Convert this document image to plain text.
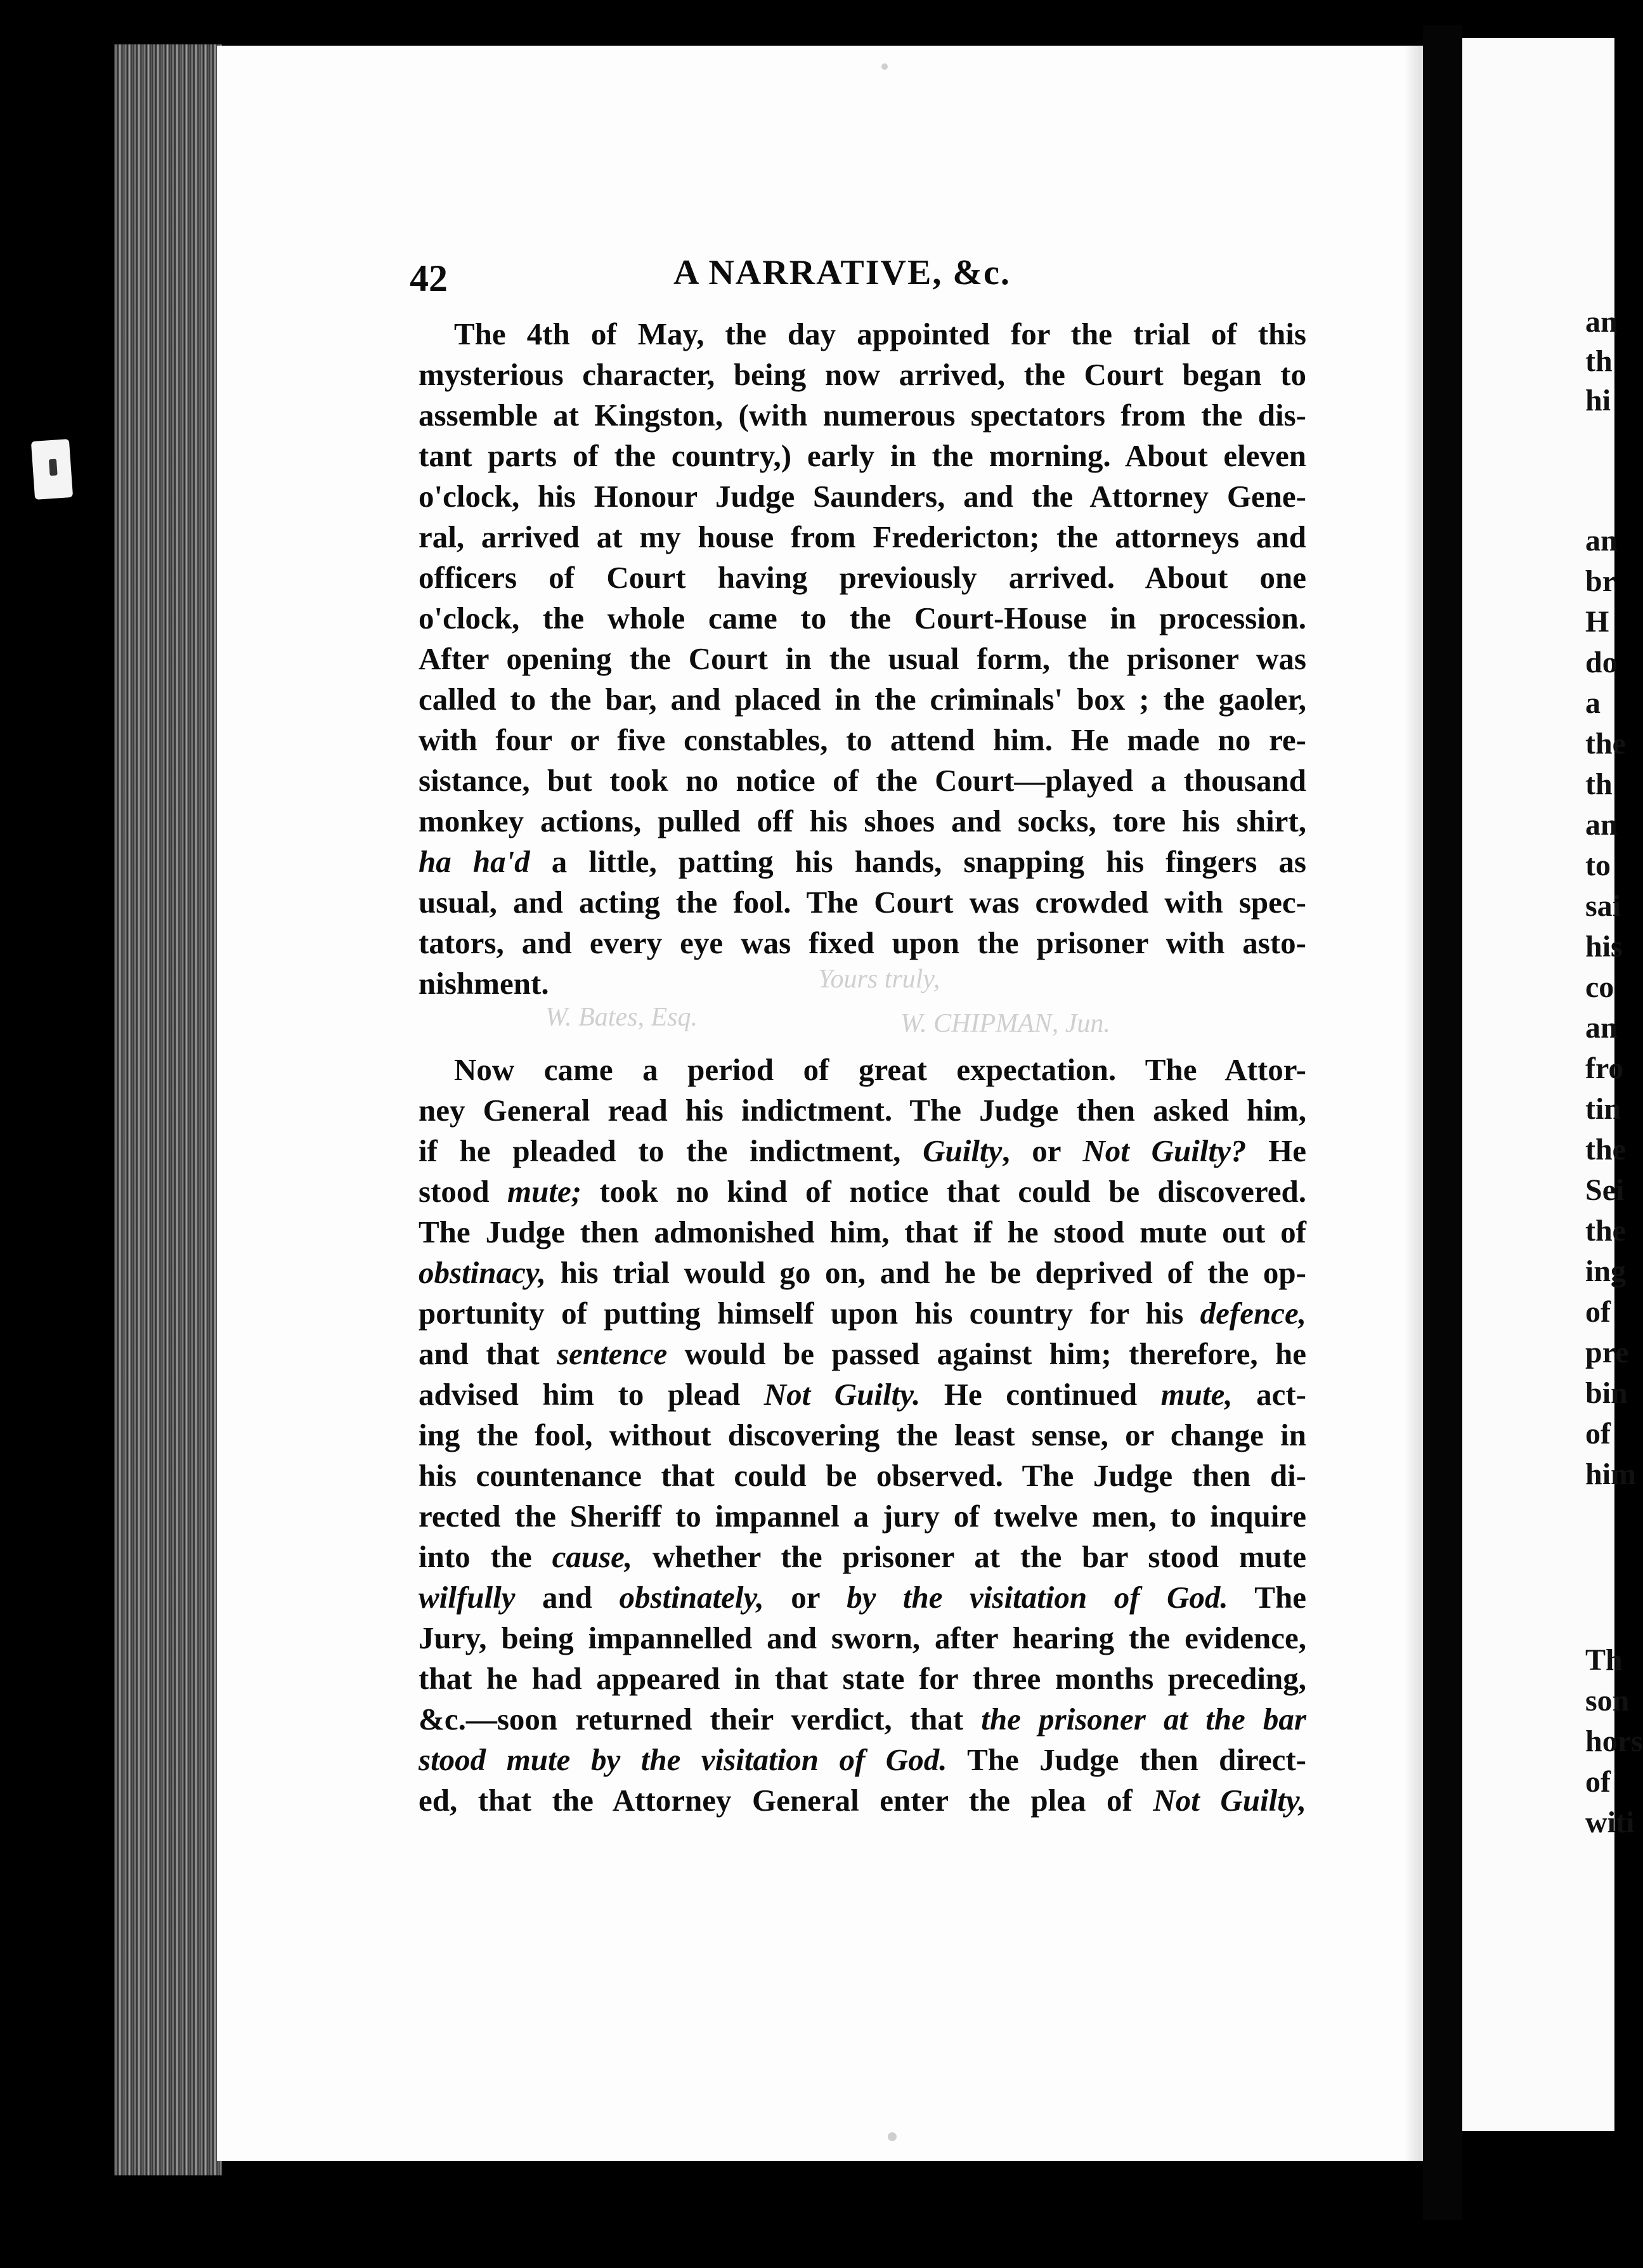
Yours truly,
W. Bates, Esq.	W. CHIPMAN, Jun.
42	A NARRATIVE, &c.
The 4th of May, the day appointed for the trial of this
mysterious character, being now arrived, the Court began to
assemble at Kingston, (with numerous spectators from the dis-
tant parts of the country,) early in the morning. About eleven
o'clock, his Honour Judge Saunders, and the Attorney Gene-
ral, arrived at my house from Fredericton; the attorneys and
officers of Court having previously arrived. About one
o'clock, the whole came to the Court-House in procession.
After opening the Court in the usual form, the prisoner was
called to the bar, and placed in the criminals' box ; the gaoler,
with four or five constables, to attend him. He made no re-
sistance, but took no notice of the Court—played a thousand
monkey actions, pulled off his shoes and socks, tore his shirt,
ha ha'd a little, patting his hands, snapping his fingers as
usual, and acting the fool. The Court was crowded with spec-
tators, and every eye was fixed upon the prisoner with asto-
nishment.
Now came a period of great expectation. The Attor-
ney General read his indictment. The Judge then asked him,
if he pleaded to the indictment, Guilty, or Not Guilty? He
stood mute; took no kind of notice that could be discovered.
The Judge then admonished him, that if he stood mute out of
obstinacy, his trial would go on, and he be deprived of the op-
portunity of putting himself upon his country for his defence,
and that sentence would be passed against him; therefore, he
advised him to plead Not Guilty. He continued mute, act-
ing the fool, without discovering the least sense, or change in
his countenance that could be observed. The Judge then di-
rected the Sheriff to impannel a jury of twelve men, to inquire
into the cause, whether the prisoner at the bar stood mute
wilfully and obstinately, or by the visitation of God. The
Jury, being impannelled and sworn, after hearing the evidence,
that he had appeared in that state for three months preceding,
&c.—soon returned their verdict, that the prisoner at the bar
stood mute by the visitation of God. The Judge then direct-
ed, that the Attorney General enter the plea of Not Guilty,
an
th
hi
an
br
H
do
a
the
th
an
to
sai
his
co
an
fro
tin
the
Sei
the
ing
of
pre
bin
of
him
Th
son
hors
of
witi
